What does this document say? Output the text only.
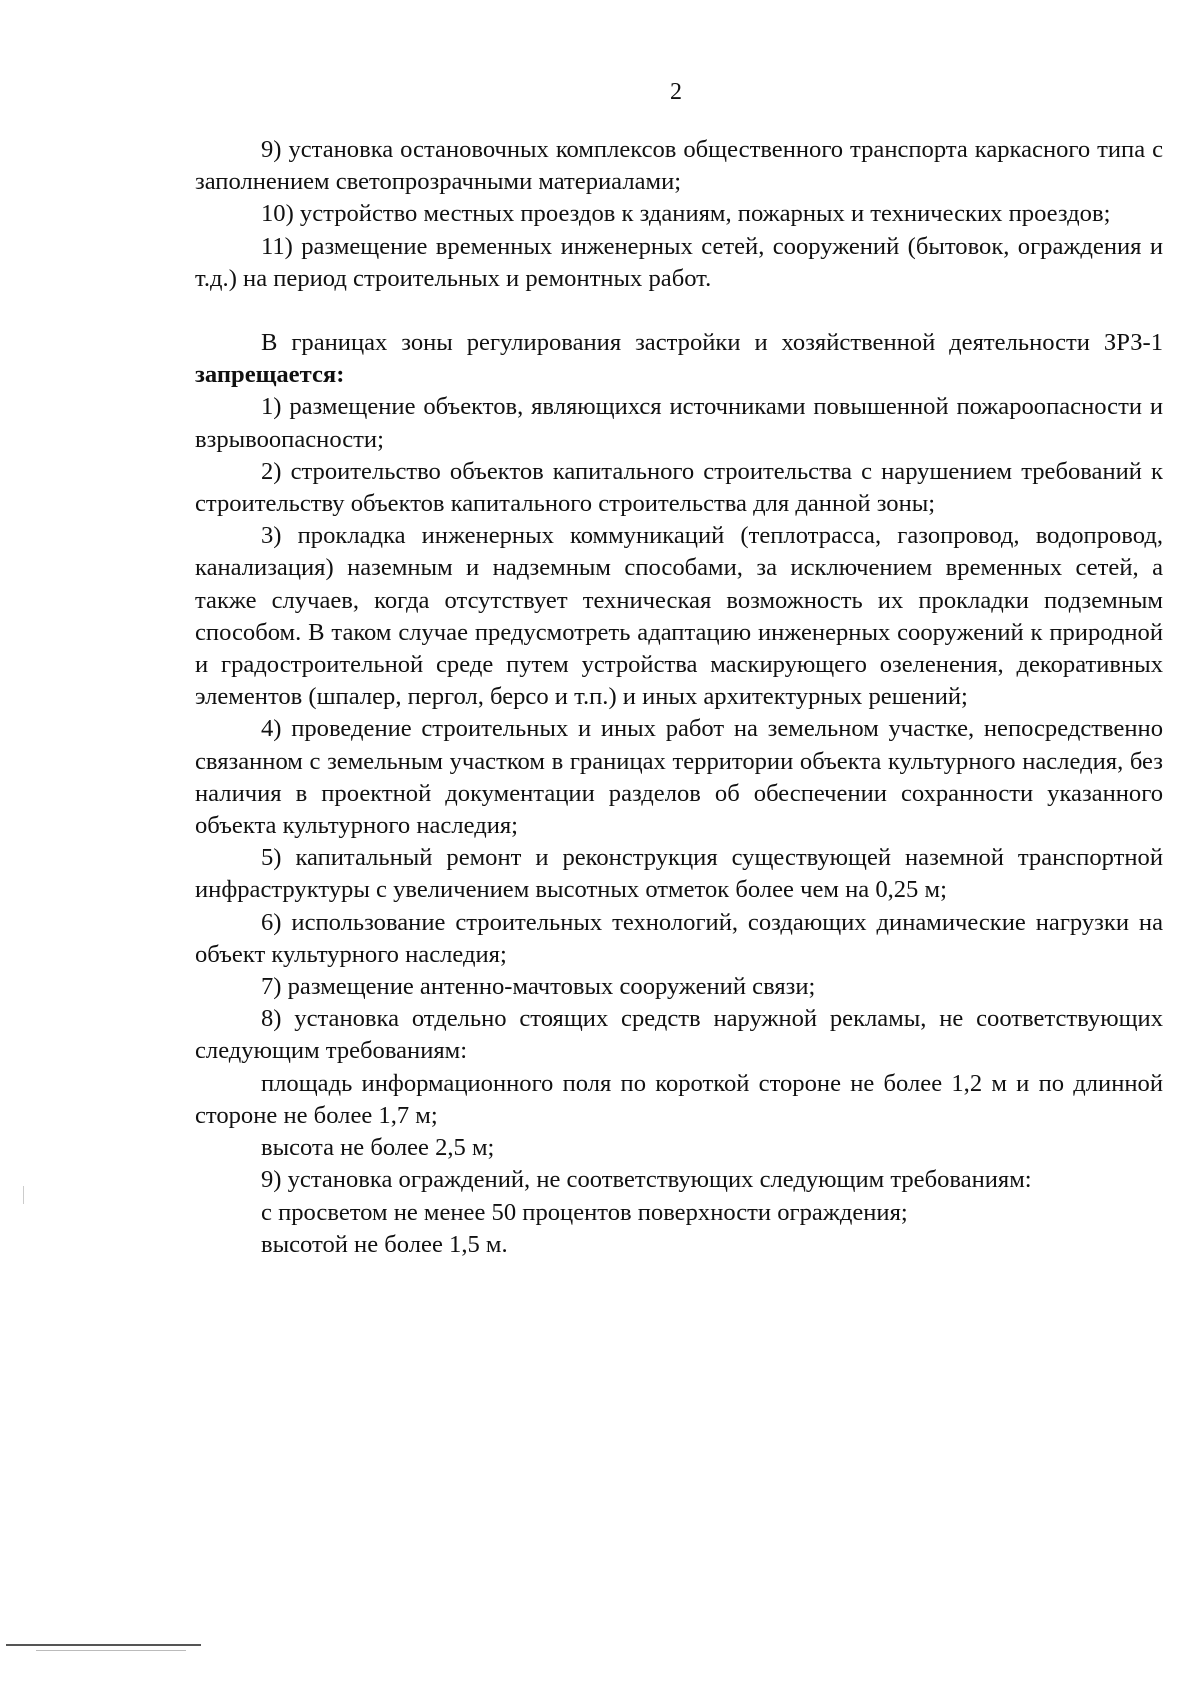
2

9) установка остановочных комплексов общественного транспорта каркасного типа с заполнением светопрозрачными материалами;

10) устройство местных проездов к зданиям, пожарных и технических проездов;

11) размещение временных инженерных сетей, сооружений (бытовок, ограждения и т.д.) на период строительных и ремонтных работ.

В границах зоны регулирования застройки и хозяйственной деятельности ЗРЗ-1 запрещается:

1) размещение объектов, являющихся источниками повышенной пожароопасности и взрывоопасности;

2) строительство объектов капитального строительства с нарушением требований к строительству объектов капитального строительства для данной зоны;

3) прокладка инженерных коммуникаций (теплотрасса, газопровод, водопровод, канализация) наземным и надземным способами, за исключением временных сетей, а также случаев, когда отсутствует техническая возможность их прокладки подземным способом. В таком случае предусмотреть адаптацию инженерных сооружений к природной и градостроительной среде путем устройства маскирующего озеленения, декоративных элементов (шпалер, пергол, берсо и т.п.) и иных архитектурных решений;

4) проведение строительных и иных работ на земельном участке, непосредственно связанном с земельным участком в границах территории объекта культурного наследия, без наличия в проектной документации разделов об обеспечении сохранности указанного объекта культурного наследия;

5) капитальный ремонт и реконструкция существующей наземной транспортной инфраструктуры с увеличением высотных отметок более чем на 0,25 м;

6) использование строительных технологий, создающих динамические нагрузки на объект культурного наследия;

7) размещение антенно-мачтовых сооружений связи;

8) установка отдельно стоящих средств наружной рекламы, не соответствующих следующим требованиям:

площадь информационного поля по короткой стороне не более 1,2 м и по длинной стороне не более 1,7 м;

высота не более 2,5 м;

9) установка ограждений, не соответствующих следующим требованиям:

с просветом не менее 50 процентов поверхности ограждения;

высотой не более 1,5 м.
